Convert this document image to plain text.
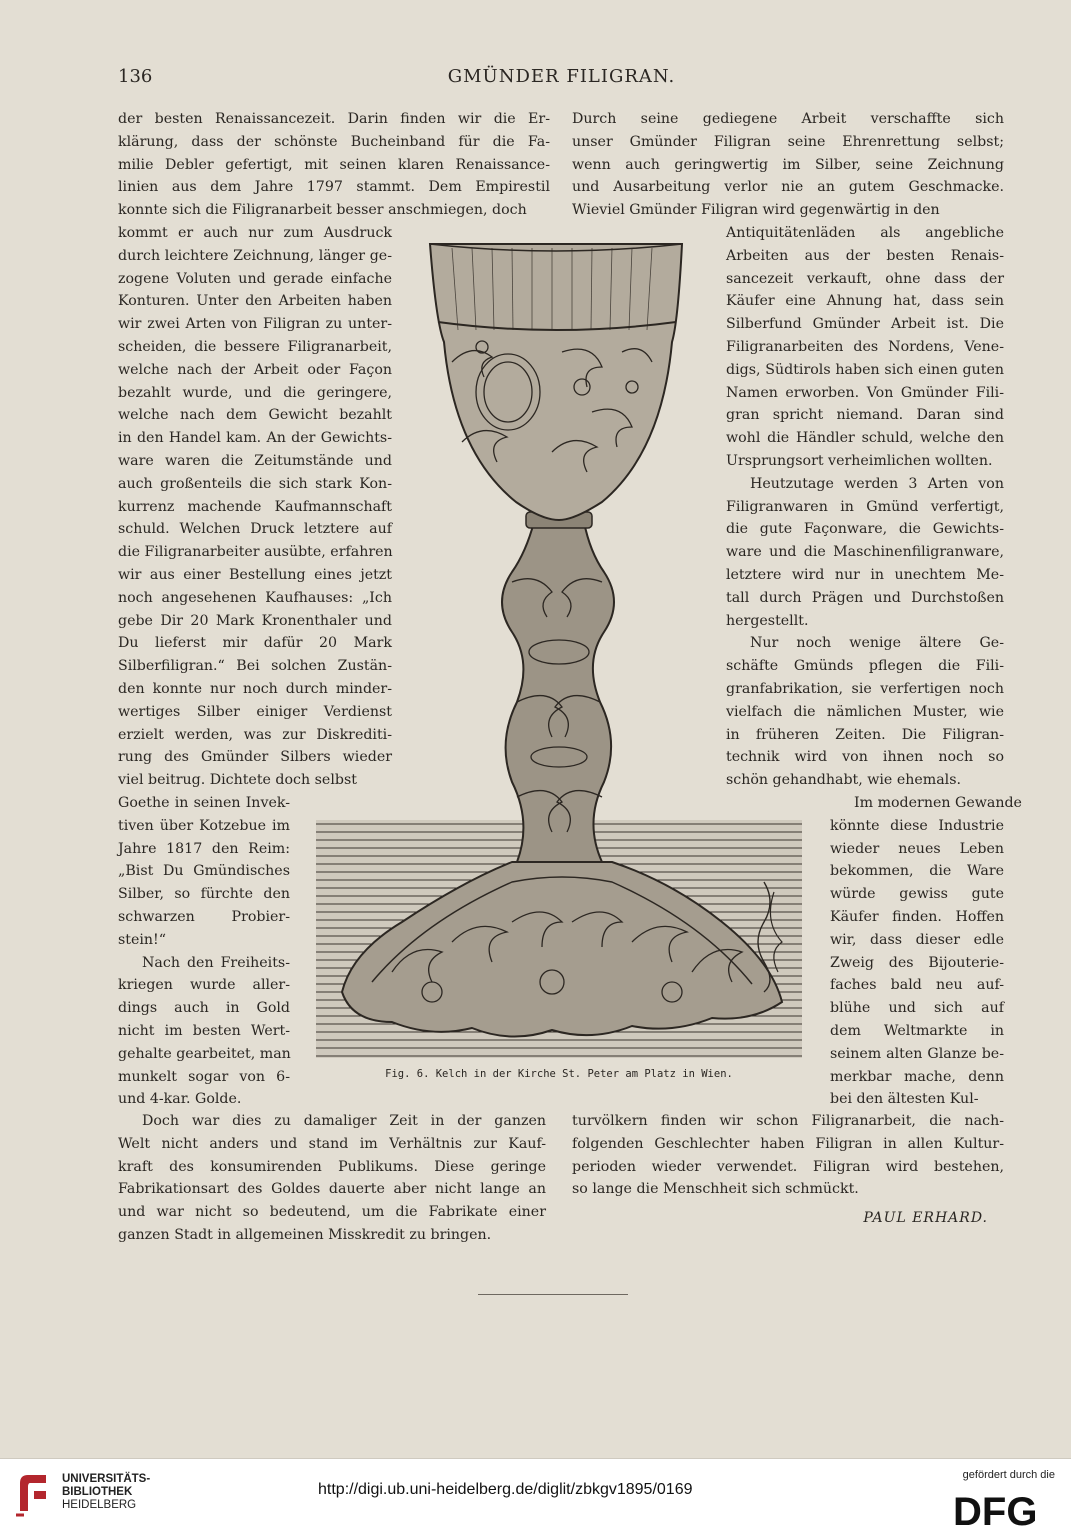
136	GMÜNDER FILIGRAN.
der besten Renaissancezeit. Darin finden wir die Er-
klärung, dass der schönste Bucheinband für die Fa-
milie Debler gefertigt, mit seinen klaren Renaissance-
linien aus dem Jahre 1797 stammt. Dem Empirestil
konnte sich die Filigranarbeit besser anschmiegen, doch
Durch seine gediegene Arbeit verschaffte sich
unser Gmünder Filigran seine Ehrenrettung selbst;
wenn auch geringwertig im Silber, seine Zeichnung
und Ausarbeitung verlor nie an gutem Geschmacke.
Wieviel Gmünder Filigran wird gegenwärtig in den
kommt er auch nur zum Ausdruck
durch leichtere Zeichnung, länger ge-
zogene Voluten und gerade einfache
Konturen. Unter den Arbeiten haben
wir zwei Arten von Filigran zu unter-
scheiden, die bessere Filigranarbeit,
welche nach der Arbeit oder Façon
bezahlt wurde, und die geringere,
welche nach dem Gewicht bezahlt
in den Handel kam. An der Gewichts-
ware waren die Zeitumstände und
auch großenteils die sich stark Kon-
kurrenz machende Kaufmannschaft
schuld. Welchen Druck letztere auf
die Filigranarbeiter ausübte, erfahren
wir aus einer Bestellung eines jetzt
noch angesehenen Kaufhauses: „Ich
gebe Dir 20 Mark Kronenthaler und
Du lieferst mir dafür 20 Mark
Silberfiligran.“ Bei solchen Zustän-
den konnte nur noch durch minder-
wertiges Silber einiger Verdienst
erzielt werden, was zur Diskrediti-
rung des Gmünder Silbers wieder
viel beitrug. Dichtete doch selbst
Goethe in seinen Invek-
tiven über Kotzebue im
Jahre 1817 den Reim:
„Bist Du Gmündisches
Silber, so fürchte den
schwarzen Probier-
stein!“
Nach den Freiheits-
kriegen wurde aller-
dings auch in Gold
nicht im besten Wert-
gehalte gearbeitet, man
munkelt sogar von 6-
und 4-kar. Golde.
Antiquitätenläden als angebliche
Arbeiten aus der besten Renais-
sancezeit verkauft, ohne dass der
Käufer eine Ahnung hat, dass sein
Silberfund Gmünder Arbeit ist. Die
Filigranarbeiten des Nordens, Vene-
digs, Südtirols haben sich einen guten
Namen erworben. Von Gmünder Fili-
gran spricht niemand. Daran sind
wohl die Händler schuld, welche den
Ursprungsort verheimlichen wollten.
Heutzutage werden 3 Arten von
Filigranwaren in Gmünd verfertigt,
die gute Façonware, die Gewichts-
ware und die Maschinenfiligranware,
letztere wird nur in unechtem Me-
tall durch Prägen und Durchstoßen
hergestellt.
Nur noch wenige ältere Ge-
schäfte Gmünds pflegen die Fili-
granfabrikation, sie verfertigen noch
vielfach die nämlichen Muster, wie
in früheren Zeiten. Die Filigran-
technik wird von ihnen noch so
schön gehandhabt, wie ehemals.
Im modernen Gewande
könnte diese Industrie
wieder neues Leben
bekommen, die Ware
würde gewiss gute
Käufer finden. Hoffen
wir, dass dieser edle
Zweig des Bijouterie-
faches bald neu auf-
blühe und sich auf
dem Weltmarkte in
seinem alten Glanze be-
merkbar mache, denn
bei den ältesten Kul-
Doch war dies zu damaliger Zeit in der ganzen
Welt nicht anders und stand im Verhältnis zur Kauf-
kraft des konsumirenden Publikums. Diese geringe
Fabrikationsart des Goldes dauerte aber nicht lange an
und war nicht so bedeutend, um die Fabrikate einer
ganzen Stadt in allgemeinen Misskredit zu bringen.
turvölkern finden wir schon Filigranarbeit, die nach-
folgenden Geschlechter haben Filigran in allen Kultur-
perioden wieder verwendet. Filigran wird bestehen,
so lange die Menschheit sich schmückt.
PAUL ERHARD.
Fig. 6. Kelch in der Kirche St. Peter am Platz in Wien.
UNIVERSITÄTS-
BIBLIOTHEK
HEIDELBERG
http://digi.ub.uni-heidelberg.de/diglit/zbkgv1895/0169
gefördert durch die
DFG
